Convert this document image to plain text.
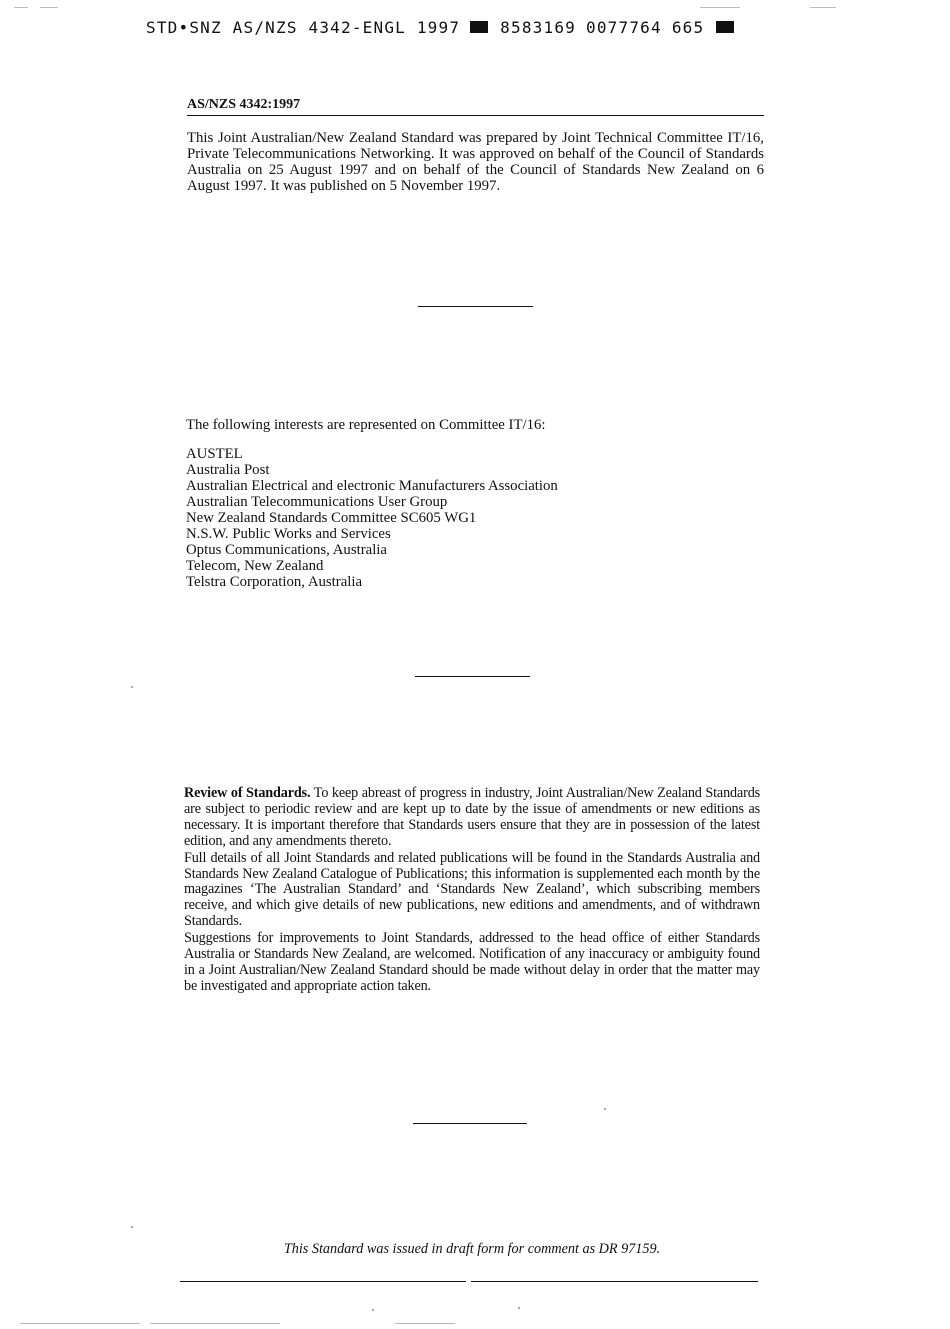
STD•SNZ AS/NZS 4342-ENGL 1997	8583169 0077764 665
AS/NZS 4342:1997
This Joint Australian/New Zealand Standard was prepared by Joint Technical Committee IT/16, Private Telecommunications Networking. It was approved on behalf of the Council of Standards Australia on 25 August 1997 and on behalf of the Council of Standards New Zealand on 6 August 1997. It was published on 5 November 1997.
The following interests are represented on Committee IT/16:
AUSTEL
Australia Post
Australian Electrical and electronic Manufacturers Association
Australian Telecommunications User Group
New Zealand Standards Committee SC605 WG1
N.S.W. Public Works and Services
Optus Communications, Australia
Telecom, New Zealand
Telstra Corporation, Australia

Review of Standards. To keep abreast of progress in industry, Joint Australian/New Zealand Standards are subject to periodic review and are kept up to date by the issue of amendments or new editions as necessary. It is important therefore that Standards users ensure that they are in possession of the latest edition, and any amendments thereto.

Full details of all Joint Standards and related publications will be found in the Standards Australia and Standards New Zealand Catalogue of Publications; this information is supplemented each month by the magazines ‘The Australian Standard’ and ‘Standards New Zealand’, which subscribing members receive, and which give details of new publications, new editions and amendments, and of withdrawn Standards.

Suggestions for improvements to Joint Standards, addressed to the head office of either Standards Australia or Standards New Zealand, are welcomed. Notification of any inaccuracy or ambiguity found in a Joint Australian/New Zealand Standard should be made without delay in order that the matter may be investigated and appropriate action taken.

This Standard was issued in draft form for comment as DR 97159.
